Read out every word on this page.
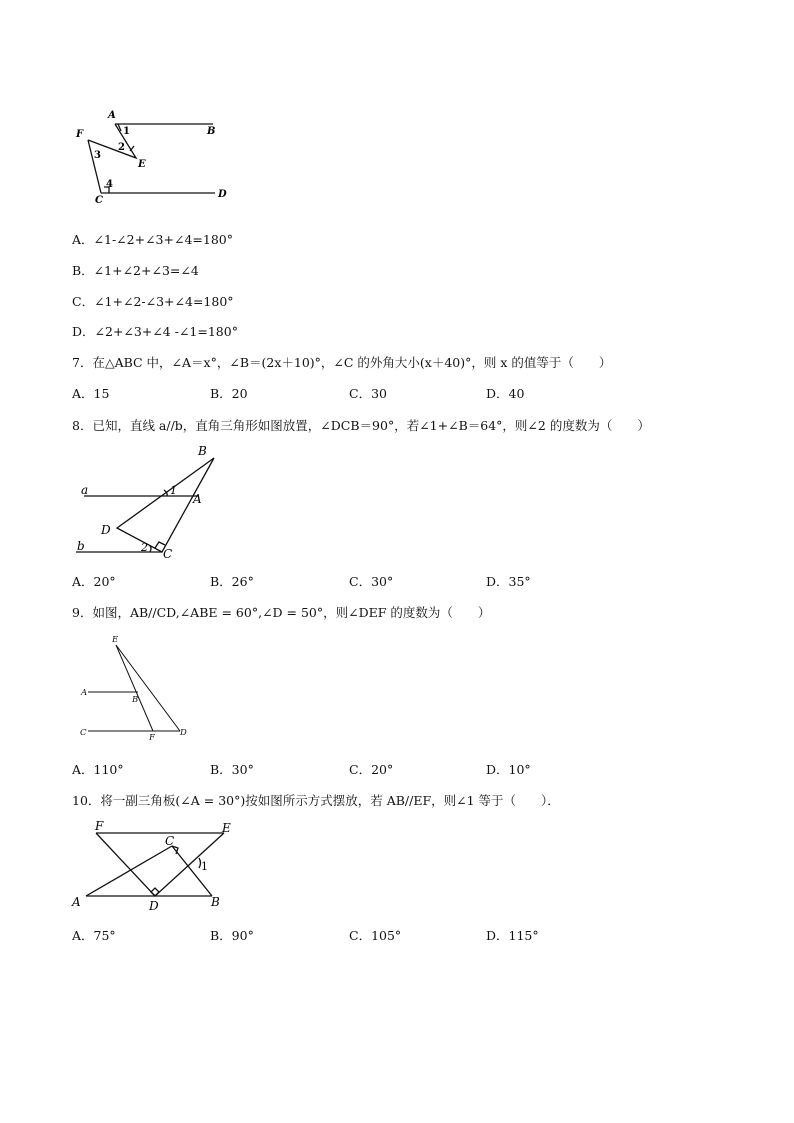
A
B
C
D
E
F	1
2
3
4
A．∠1-∠2+∠3+∠4=180°
B．∠1+∠2+∠3=∠4
C．∠1+∠2-∠3+∠4=180°
D．∠2+∠3+∠4 -∠1=180°
7．在△ABC 中，∠A＝x°，∠B＝(2x＋10)°，∠C 的外角大小(x＋40)°，则 x 的值等于（　　）
A．15	B．20	C．30	D．40
8．已知，直线 a//b，直角三角形如图放置，∠DCB＝90°，若∠1+∠B＝64°，则∠2 的度数为（　　）
B
a
A
D
b
C
1
2
A．20°	B．26°	C．30°	D．35°
9．如图，AB//CD,∠ABE = 60°,∠D = 50°，则∠DEF 的度数为（　　）
E
A
B
C	F	D
A．110°	B．30°	C．20°	D．10°
10．将一副三角板(∠A = 30°)按如图所示方式摆放，若 AB//EF，则∠1 等于（　　）．
F	E
C
A	D	B
1
A．75°	B．90°	C．105°	D．115°
